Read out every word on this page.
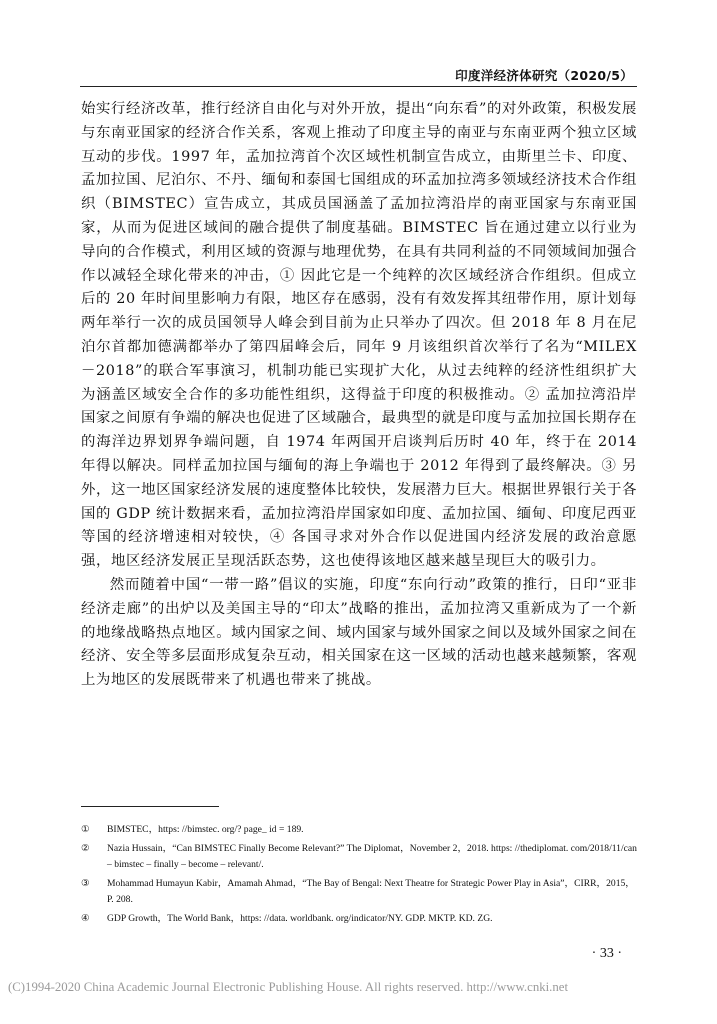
印度洋经济体研究（2020/5）

始实行经济改革，推行经济自由化与对外开放，提出“向东看”的对外政策，积极发展与东南亚国家的经济合作关系，客观上推动了印度主导的南亚与东南亚两个独立区域互动的步伐。1997 年，孟加拉湾首个次区域性机制宣告成立，由斯里兰卡、印度、孟加拉国、尼泊尔、不丹、缅甸和泰国七国组成的环孟加拉湾多领域经济技术合作组织（BIMSTEC）宣告成立，其成员国涵盖了孟加拉湾沿岸的南亚国家与东南亚国家，从而为促进区域间的融合提供了制度基础。BIMSTEC 旨在通过建立以行业为导向的合作模式，利用区域的资源与地理优势，在具有共同利益的不同领域间加强合作以减轻全球化带来的冲击，① 因此它是一个纯粹的次区域经济合作组织。但成立后的 20 年时间里影响力有限，地区存在感弱，没有有效发挥其纽带作用，原计划每两年举行一次的成员国领导人峰会到目前为止只举办了四次。但 2018 年 8 月在尼泊尔首都加德满都举办了第四届峰会后，同年 9 月该组织首次举行了名为“MILEX－2018”的联合军事演习，机制功能已实现扩大化，从过去纯粹的经济性组织扩大为涵盖区域安全合作的多功能性组织，这得益于印度的积极推动。② 孟加拉湾沿岸国家之间原有争端的解决也促进了区域融合，最典型的就是印度与孟加拉国长期存在的海洋边界划界争端问题，自 1974 年两国开启谈判后历时 40 年，终于在 2014 年得以解决。同样孟加拉国与缅甸的海上争端也于 2012 年得到了最终解决。③ 另外，这一地区国家经济发展的速度整体比较快，发展潜力巨大。根据世界银行关于各国的 GDP 统计数据来看，孟加拉湾沿岸国家如印度、孟加拉国、缅甸、印度尼西亚等国的经济增速相对较快，④ 各国寻求对外合作以促进国内经济发展的政治意愿强，地区经济发展正呈现活跃态势，这也使得该地区越来越呈现巨大的吸引力。

然而随着中国“一带一路”倡议的实施，印度“东向行动”政策的推行，日印“亚非经济走廊”的出炉以及美国主导的“印太”战略的推出，孟加拉湾又重新成为了一个新的地缘战略热点地区。域内国家之间、域内国家与域外国家之间以及域外国家之间在经济、安全等多层面形成复杂互动，相关国家在这一区域的活动也越来越频繁，客观上为地区的发展既带来了机遇也带来了挑战。

①	BIMSTEC，https: //bimstec. org/? page_ id = 189.
②	Nazia Hussain，“Can BIMSTEC Finally Become Relevant?” The Diplomat，November 2，2018. https: //thediplomat. com/2018/11/can – bimstec – finally – become – relevant/.
③	Mohammad Humayun Kabir，Amamah Ahmad，“The Bay of Bengal: Next Theatre for Strategic Power Play in Asia”，CIRR，2015，P. 208.
④	GDP Growth，The World Bank，https: //data. worldbank. org/indicator/NY. GDP. MKTP. KD. ZG.
· 33 ·
(C)1994-2020 China Academic Journal Electronic Publishing House. All rights reserved. http://www.cnki.net
